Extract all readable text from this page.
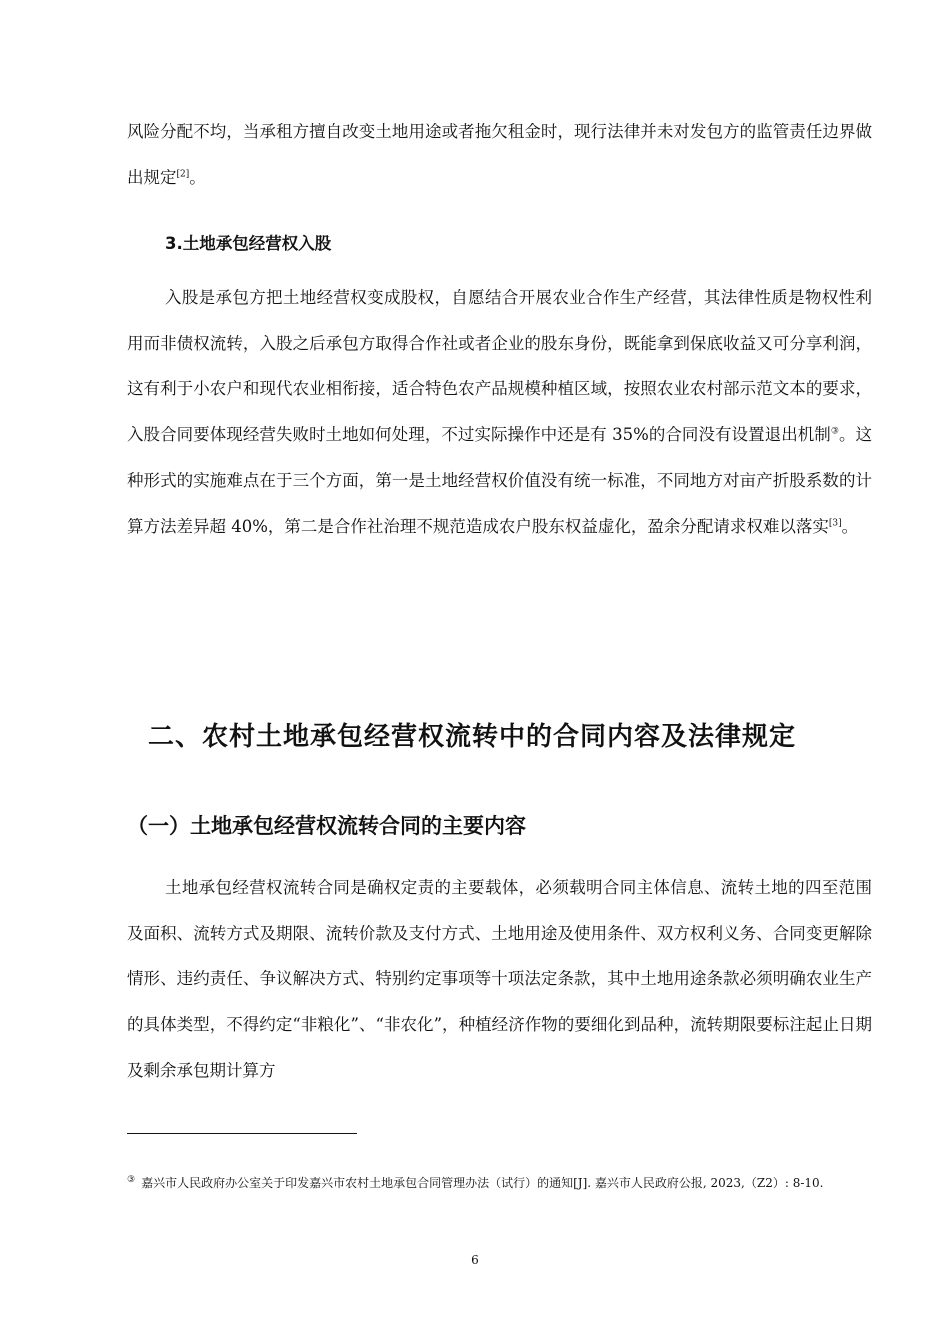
风险分配不均，当承租方擅自改变土地用途或者拖欠租金时，现行法律并未对发包方的监管责任边界做出规定[2]。

3.土地承包经营权入股

入股是承包方把土地经营权变成股权，自愿结合开展农业合作生产经营，其法律性质是物权性利用而非债权流转，入股之后承包方取得合作社或者企业的股东身份，既能拿到保底收益又可分享利润，这有利于小农户和现代农业相衔接，适合特色农产品规模种植区域，按照农业农村部示范文本的要求，入股合同要体现经营失败时土地如何处理，不过实际操作中还是有 35%的合同没有设置退出机制③。这种形式的实施难点在于三个方面，第一是土地经营权价值没有统一标准，不同地方对亩产折股系数的计算方法差异超 40%，第二是合作社治理不规范造成农户股东权益虚化，盈余分配请求权难以落实[3]。

二、农村土地承包经营权流转中的合同内容及法律规定
（一）土地承包经营权流转合同的主要内容

土地承包经营权流转合同是确权定责的主要载体，必须载明合同主体信息、流转土地的四至范围及面积、流转方式及期限、流转价款及支付方式、土地用途及使用条件、双方权利义务、合同变更解除情形、违约责任、争议解决方式、特别约定事项等十项法定条款，其中土地用途条款必须明确农业生产的具体类型，不得约定“非粮化”、“非农化”，种植经济作物的要细化到品种，流转期限要标注起止日期及剩余承包期计算方

③ 嘉兴市人民政府办公室关于印发嘉兴市农村土地承包合同管理办法（试行）的通知[J]. 嘉兴市人民政府公报, 2023,（Z2）: 8-10.

6
